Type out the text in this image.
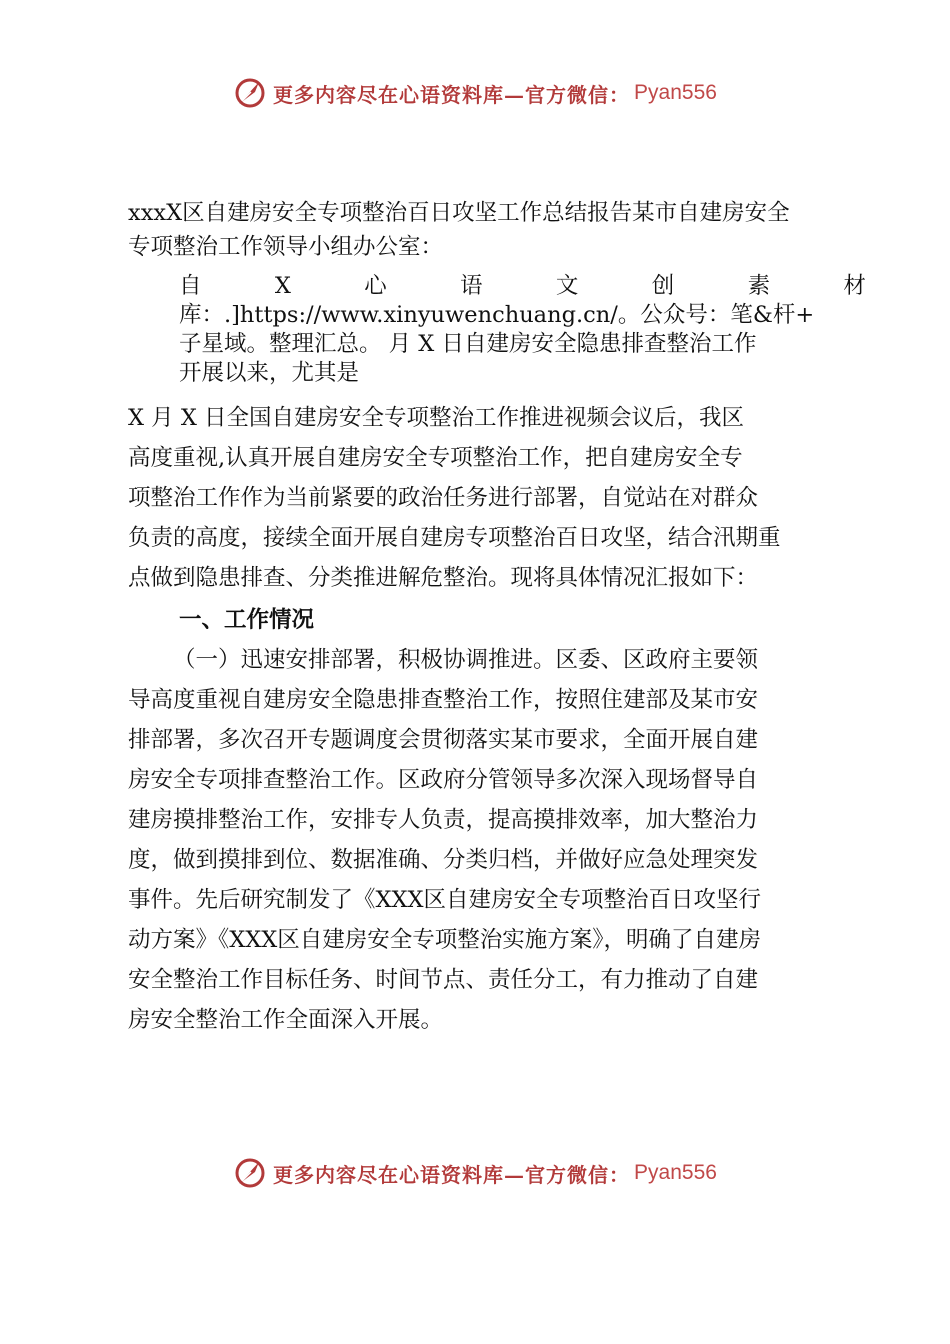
更多内容尽在心语资料库 —官方微信： Pyan556
xxxX区自建房安全专项整治百日攻坚工作总结报告某市自建房安全
专项整治工作领导小组办公室：
自	X	心	语	文	创	素	材
库：.]https://www.xinyuwenchuang.cn/。公众号：笔&杆+
子星域。整理汇总。 月 X 日自建房安全隐患排查整治工作
开展以来，尤其是
X 月 X 日全国自建房安全专项整治工作推进视频会议后，我区
高度重视,认真开展自建房安全专项整治工作，把自建房安全专
项整治工作作为当前紧要的政治任务进行部署，自觉站在对群众
负责的高度，接续全面开展自建房专项整治百日攻坚，结合汛期重
点做到隐患排查、分类推进解危整治。现将具体情况汇报如下：
一、工作情况
（一）迅速安排部署，积极协调推进。区委、区政府主要领
导高度重视自建房安全隐患排查整治工作，按照住建部及某市安
排部署，多次召开专题调度会贯彻落实某市要求，全面开展自建
房安全专项排查整治工作。区政府分管领导多次深入现场督导自
建房摸排整治工作，安排专人负责，提高摸排效率，加大整治力
度，做到摸排到位、数据准确、分类归档，并做好应急处理突发
事件。先后研究制发了《XXX区自建房安全专项整治百日攻坚行
动方案》《XXX区自建房安全专项整治实施方案》，明确了自建房
安全整治工作目标任务、时间节点、责任分工，有力推动了自建
房安全整治工作全面深入开展。
更多内容尽在心语资料库 —官方微信： Pyan556
